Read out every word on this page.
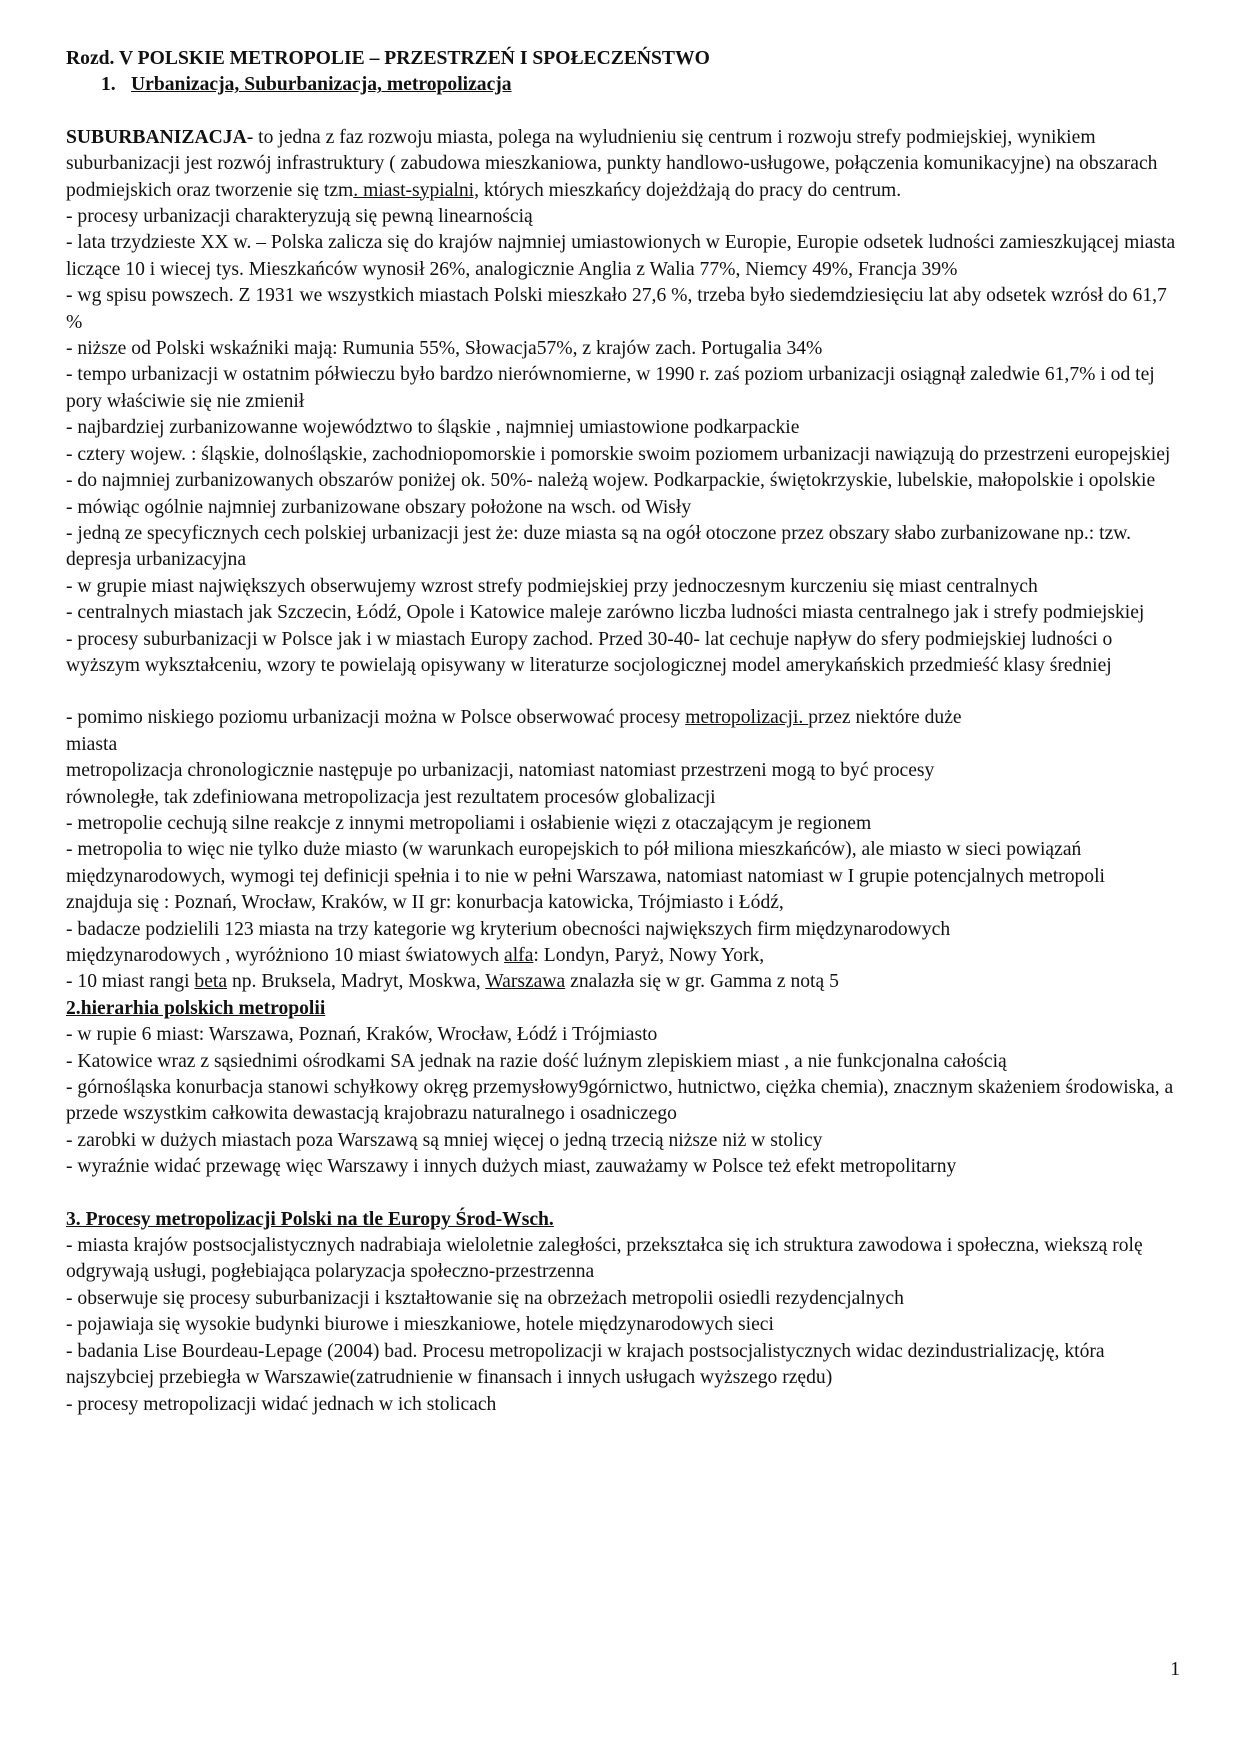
Rozd. V POLSKIE METROPOLIE – PRZESTRZEŃ I SPOŁECZEŃSTWO

1. Urbanizacja, Suburbanizacja, metropolizacja

SUBURBANIZACJA- to jedna z faz rozwoju miasta, polega na wyludnieniu się centrum i rozwoju strefy podmiejskiej, wynikiem suburbanizacji jest rozwój infrastruktury ( zabudowa mieszkaniowa, punkty handlowo-usługowe, połączenia komunikacyjne) na obszarach podmiejskich oraz tworzenie się tzm. miast-sypialni, których mieszkańcy dojeżdżają do pracy do centrum.

- procesy urbanizacji charakteryzują się pewną linearnością

- lata trzydzieste XX w. – Polska zalicza się do krajów najmniej umiastowionych w Europie, Europie odsetek ludności zamieszkującej miasta liczące 10 i wiecej tys. Mieszkańców wynosił 26%, analogicznie Anglia z Walia 77%, Niemcy 49%, Francja 39%

- wg spisu powszech. Z 1931 we wszystkich miastach Polski mieszkało 27,6 %, trzeba było siedemdziesięciu lat aby odsetek wzrósł do 61,7 %

- niższe od Polski wskaźniki mają: Rumunia 55%, Słowacja57%, z krajów zach. Portugalia 34%

- tempo urbanizacji w ostatnim półwieczu było bardzo nierównomierne, w 1990 r. zaś poziom urbanizacji osiągnął zaledwie 61,7% i od tej pory właściwie się nie zmienił

- najbardziej zurbanizowanne województwo to śląskie , najmniej umiastowione podkarpackie

- cztery wojew. : śląskie, dolnośląskie, zachodniopomorskie i pomorskie swoim poziomem urbanizacji nawiązują do przestrzeni europejskiej

- do najmniej zurbanizowanych obszarów poniżej ok. 50%- należą wojew. Podkarpackie, świętokrzyskie, lubelskie, małopolskie i opolskie

- mówiąc ogólnie najmniej zurbanizowane obszary położone na wsch. od Wisły

- jedną ze specyficznych cech polskiej urbanizacji jest że: duze miasta są na ogół otoczone przez obszary słabo zurbanizowane np.: tzw. depresja urbanizacyjna

- w grupie miast największych obserwujemy wzrost strefy podmiejskiej przy jednoczesnym kurczeniu się miast centralnych

- centralnych miastach jak Szczecin, Łódź, Opole i Katowice maleje zarówno liczba ludności miasta centralnego jak i strefy podmiejskiej

- procesy suburbanizacji w Polsce jak i w miastach Europy zachod. Przed 30-40- lat cechuje napływ do sfery podmiejskiej ludności o wyższym wykształceniu, wzory te powielają opisywany w literaturze socjologicznej model amerykańskich przedmieść klasy średniej

- pomimo niskiego poziomu urbanizacji można w Polsce obserwować procesy metropolizacji. przez niektóre duże

miasta

metropolizacja chronologicznie następuje po urbanizacji, natomiast natomiast przestrzeni mogą to być procesy

równoległe, tak zdefiniowana metropolizacja jest rezultatem procesów globalizacji

- metropolie cechują silne reakcje z innymi metropoliami i osłabienie więzi z otaczającym je regionem

- metropolia to więc nie tylko duże miasto (w warunkach europejskich to pół miliona mieszkańców), ale miasto w sieci powiązań międzynarodowych, wymogi tej definicji spełnia i to nie w pełni Warszawa, natomiast natomiast w I grupie potencjalnych metropoli znajduja się : Poznań, Wrocław, Kraków, w II gr: konurbacja katowicka, Trójmiasto i Łódź,

- badacze podzielili 123 miasta na trzy kategorie wg kryterium obecności największych firm międzynarodowych

międzynarodowych , wyróżniono 10 miast światowych alfa: Londyn, Paryż, Nowy York,

- 10 miast rangi beta np. Bruksela, Madryt, Moskwa, Warszawa znalazła się w gr. Gamma z notą 5

2.hierarhia polskich metropolii

- w rupie 6 miast: Warszawa, Poznań, Kraków, Wrocław, Łódź i Trójmiasto

- Katowice wraz z sąsiednimi ośrodkami SA jednak na razie dość luźnym zlepiskiem miast , a nie funkcjonalna całością

- górnośląska konurbacja stanowi schyłkowy okręg przemysłowy9górnictwo, hutnictwo, ciężka chemia), znacznym skażeniem środowiska, a przede wszystkim całkowita dewastacją krajobrazu naturalnego i osadniczego

- zarobki w dużych miastach poza Warszawą są mniej więcej o jedną trzecią niższe niż w stolicy

- wyraźnie widać przewagę więc Warszawy i innych dużych miast, zauważamy w Polsce też efekt metropolitarny

3. Procesy metropolizacji Polski na tle Europy Środ-Wsch.

- miasta krajów postsocjalistycznych nadrabiaja wieloletnie zaległości, przekształca się ich struktura zawodowa i społeczna, wiekszą rolę odgrywają usługi, pogłebiająca polaryzacja społeczno-przestrzenna

- obserwuje się procesy suburbanizacji i kształtowanie się na obrzeżach metropolii osiedli rezydencjalnych

- pojawiaja się wysokie budynki biurowe i mieszkaniowe, hotele międzynarodowych sieci

- badania Lise Bourdeau-Lepage (2004) bad. Procesu metropolizacji w krajach postsocjalistycznych widac dezindustrializację, która najszybciej przebiegła w Warszawie(zatrudnienie w finansach i innych usługach wyższego rzędu)

- procesy metropolizacji widać jednach w ich stolicach

1
